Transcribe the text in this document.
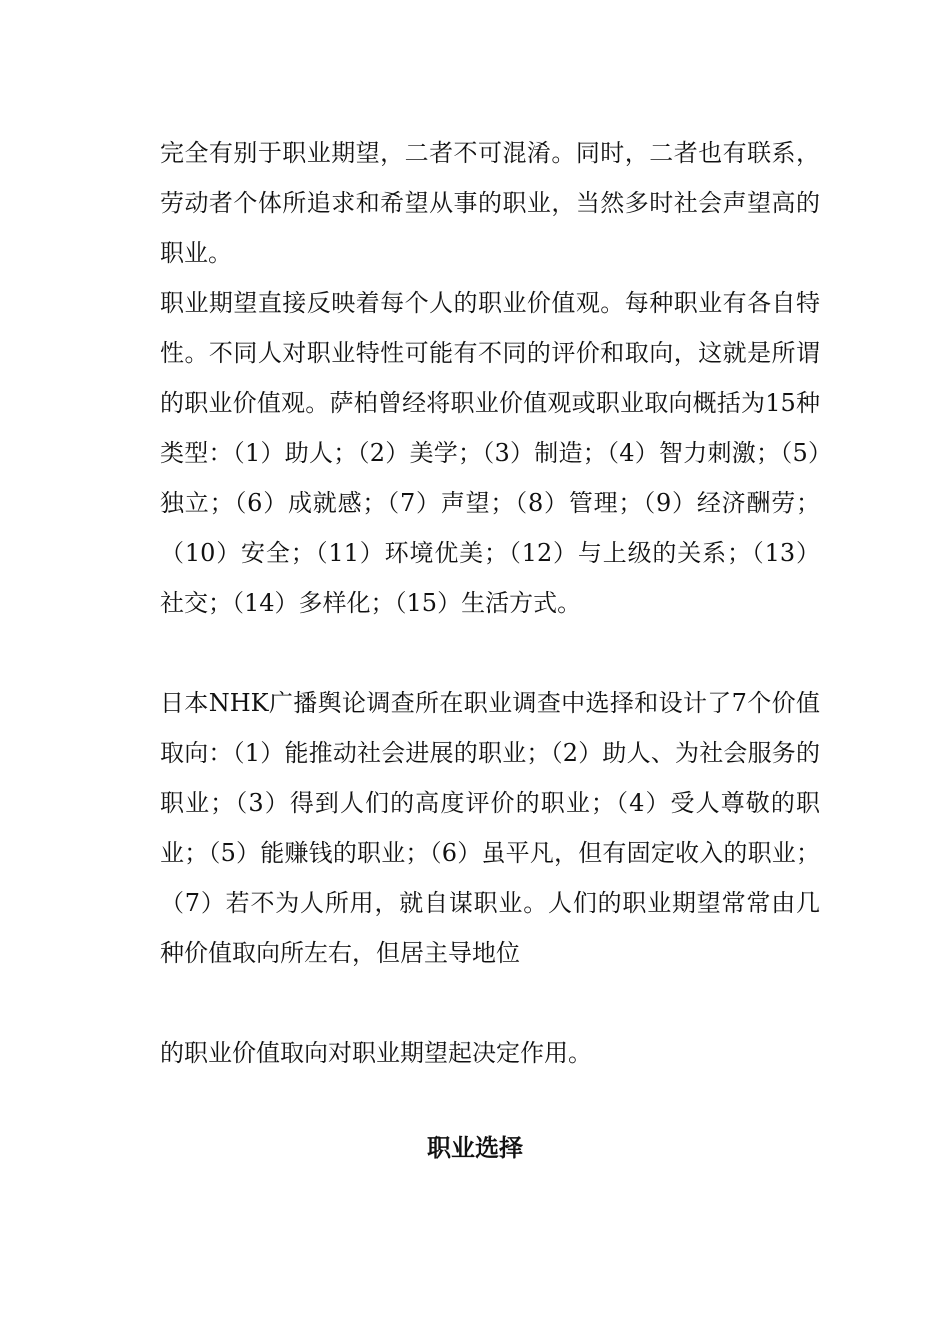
完全有别于职业期望，二者不可混淆。同时，二者也有联系，劳动者个体所追求和希望从事的职业，当然多时社会声望高的职业。

职业期望直接反映着每个人的职业价值观。每种职业有各自特性。不同人对职业特性可能有不同的评价和取向，这就是所谓的职业价值观。萨柏曾经将职业价值观或职业取向概括为15种类型：（1）助人；（2）美学；（3）制造；（4）智力刺激；（5）独立；（6）成就感；（7）声望；（8）管理；（9）经济酬劳；（10）安全；（11）环境优美；（12）与上级的关系；（13）社交；（14）多样化；（15）生活方式。

日本NHK广播舆论调查所在职业调查中选择和设计了7个价值取向：（1）能推动社会进展的职业；（2）助人、为社会服务的职业；（3）得到人们的高度评价的职业；（4）受人尊敬的职业；（5）能赚钱的职业；（6）虽平凡，但有固定收入的职业；（7）若不为人所用，就自谋职业。人们的职业期望常常由几种价值取向所左右，但居主导地位

的职业价值取向对职业期望起决定作用。

职业选择
